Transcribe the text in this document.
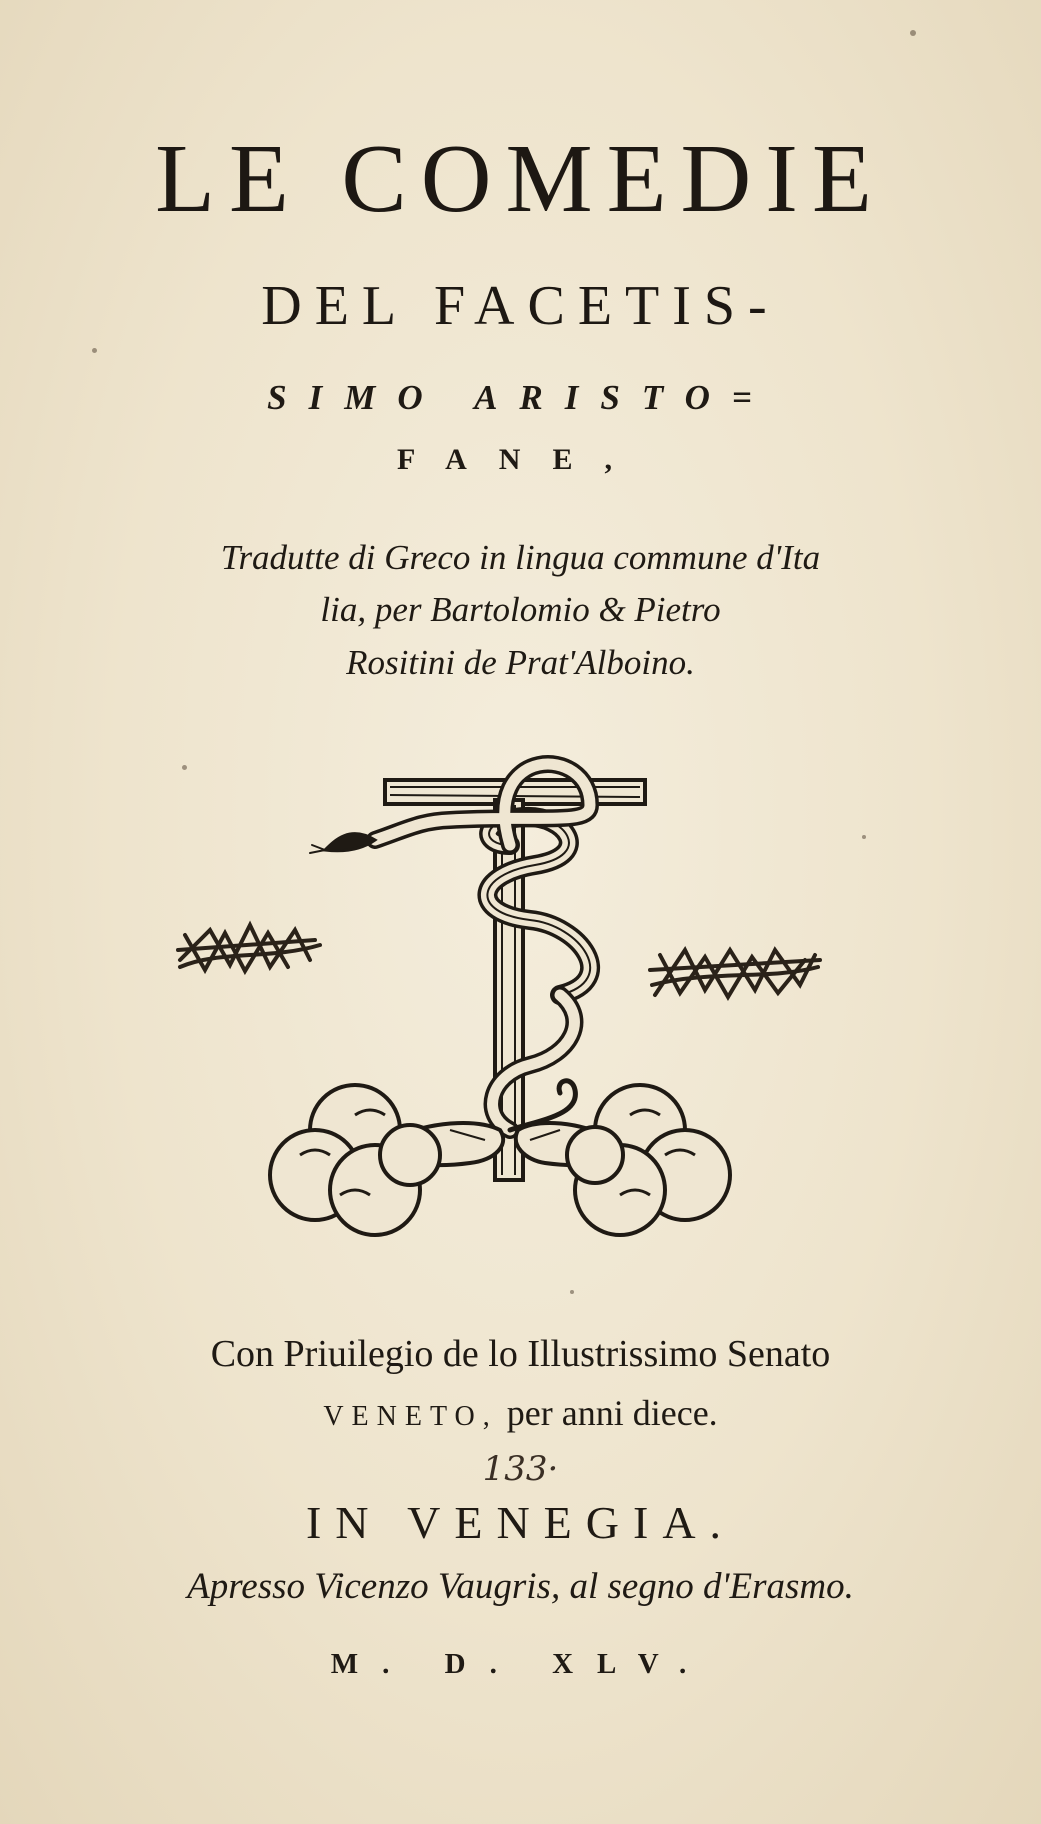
LE COMEDIE
DEL FACETIS-
SIMO ARISTO=
FANE,
Tradutte di Greco in lingua commune d'Ita
lia, per Bartolomio & Pietro
Rositini de Prat'Alboino.
Con Priuilegio de lo Illustrissimo Senato
VENETO, per anni diece.
133·
IN VENEGIA.
Apresso Vicenzo Vaugris, al segno d'Erasmo.
M. D. XLV.
